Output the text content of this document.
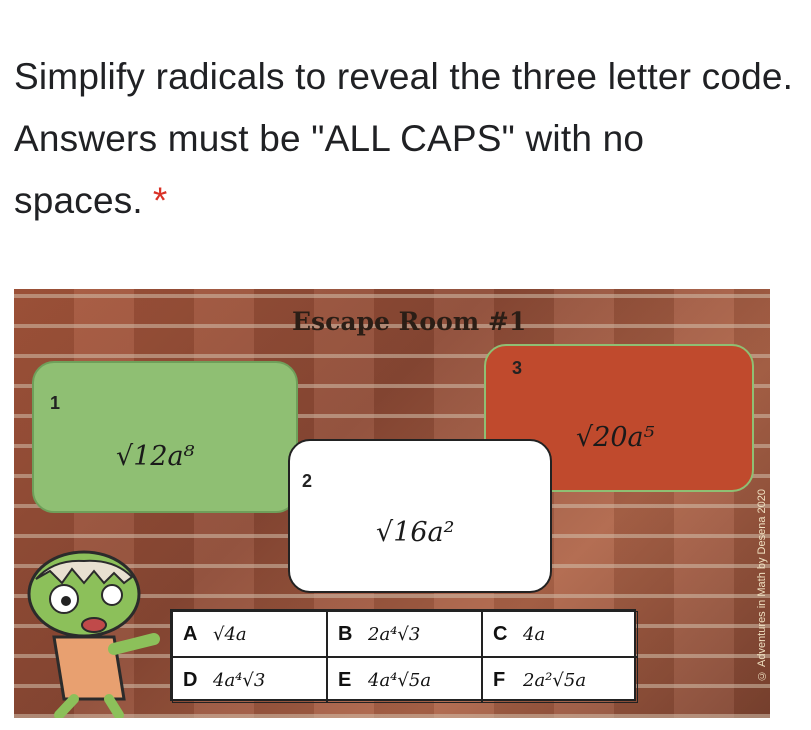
Simplify radicals to reveal the three letter code. Answers must be "ALL CAPS" with no spaces. *
Escape Room #1
1
√12a⁸
3
√20a⁵
2
√16a²
A √4a	B 2a⁴√3	C 4a
D 4a⁴√3	E 4a⁴√5a	F 2a²√5a	© Adventures in Math by Desena 2020
